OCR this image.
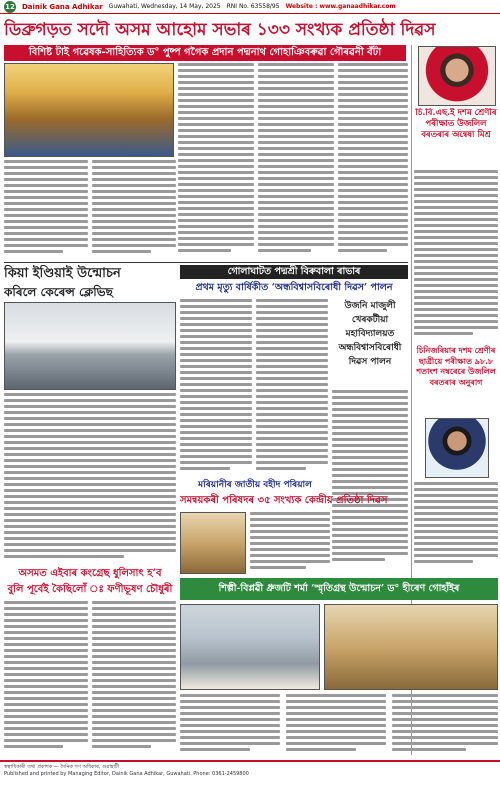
12 Dainik Gana Adhikar Guwahati, Wednesday, 14 May, 2025 RNI No. 63558/95 Website : www.ganaadhikar.com
ডিব্ৰুগড়ত সদৌ অসম আহোম সভাৰ ১৩৩ সংখ্যক প্ৰতিষ্ঠা দিৱস
বিশিষ্ট টাই গৱেষক-সাহিত্যিক ড° পুষ্প গগৈক প্ৰদান পদ্মনাথ গোহাঞিবৰুৱা গৌৰৱনী বঁটা
চি.বি.এছ.ই দশম শ্ৰেণীৰ পৰীক্ষাত উজলিল বৰতৰাৰ অন্বেষা মিশ্ৰ
চিনিজৰিয়াৰ দশম শ্ৰেণীৰ ছাত্ৰীয়ে পৰীক্ষাত ৯৮.৮ শতাংশ নম্বৰেৰে উজলিল বৰতৰাৰ অনুৰাগ
কিয়া ইণ্ডিয়াই উন্মোচন
কৰিলে কেৰেন্স ক্লেভিছ
গোলাঘাটত পদ্মশ্ৰী বিৰুবালা ৰাভাৰ
প্ৰথম মৃত্যু বাৰ্ষিকীত ‘অন্ধবিশ্বাসবিৰোধী দিৱস’ পালন
উজনি মাজুলী
খেৰকটীয়া
মহাবিদ্যালয়ত
অন্ধবিশ্বাসবিৰোধী
দিৱস পালন
মৰিয়ানীৰ জাতীয় বহীদ পৰিয়াল
সমন্বয়কৰী পৰিষদৰ ৩৫ সংখ্যক কেন্দ্ৰীয় প্ৰতিষ্ঠা দিৱস
অসমত এইবাৰ কংগ্ৰেছ ধুলিসাৎ হ’ব
বুলি পূৰ্বেই কৈছিলোঁ ঃ ফণীভূষণ চৌধুৰী	শিল্পী-বিপ্লৱী ধ্ৰুজটি শৰ্মা ‘স্মৃতিগ্ৰন্থ উন্মোচন’ ড° হীৰেণ গোহাঁইৰ
স্বত্বাধিকাৰী তথা প্ৰকাশক — দৈনিক গণ অধিকাৰ, গুৱাহাটী
Published and printed by Managing Editor, Dainik Gana Adhikar, Guwahati. Phone: 0361-2459800
